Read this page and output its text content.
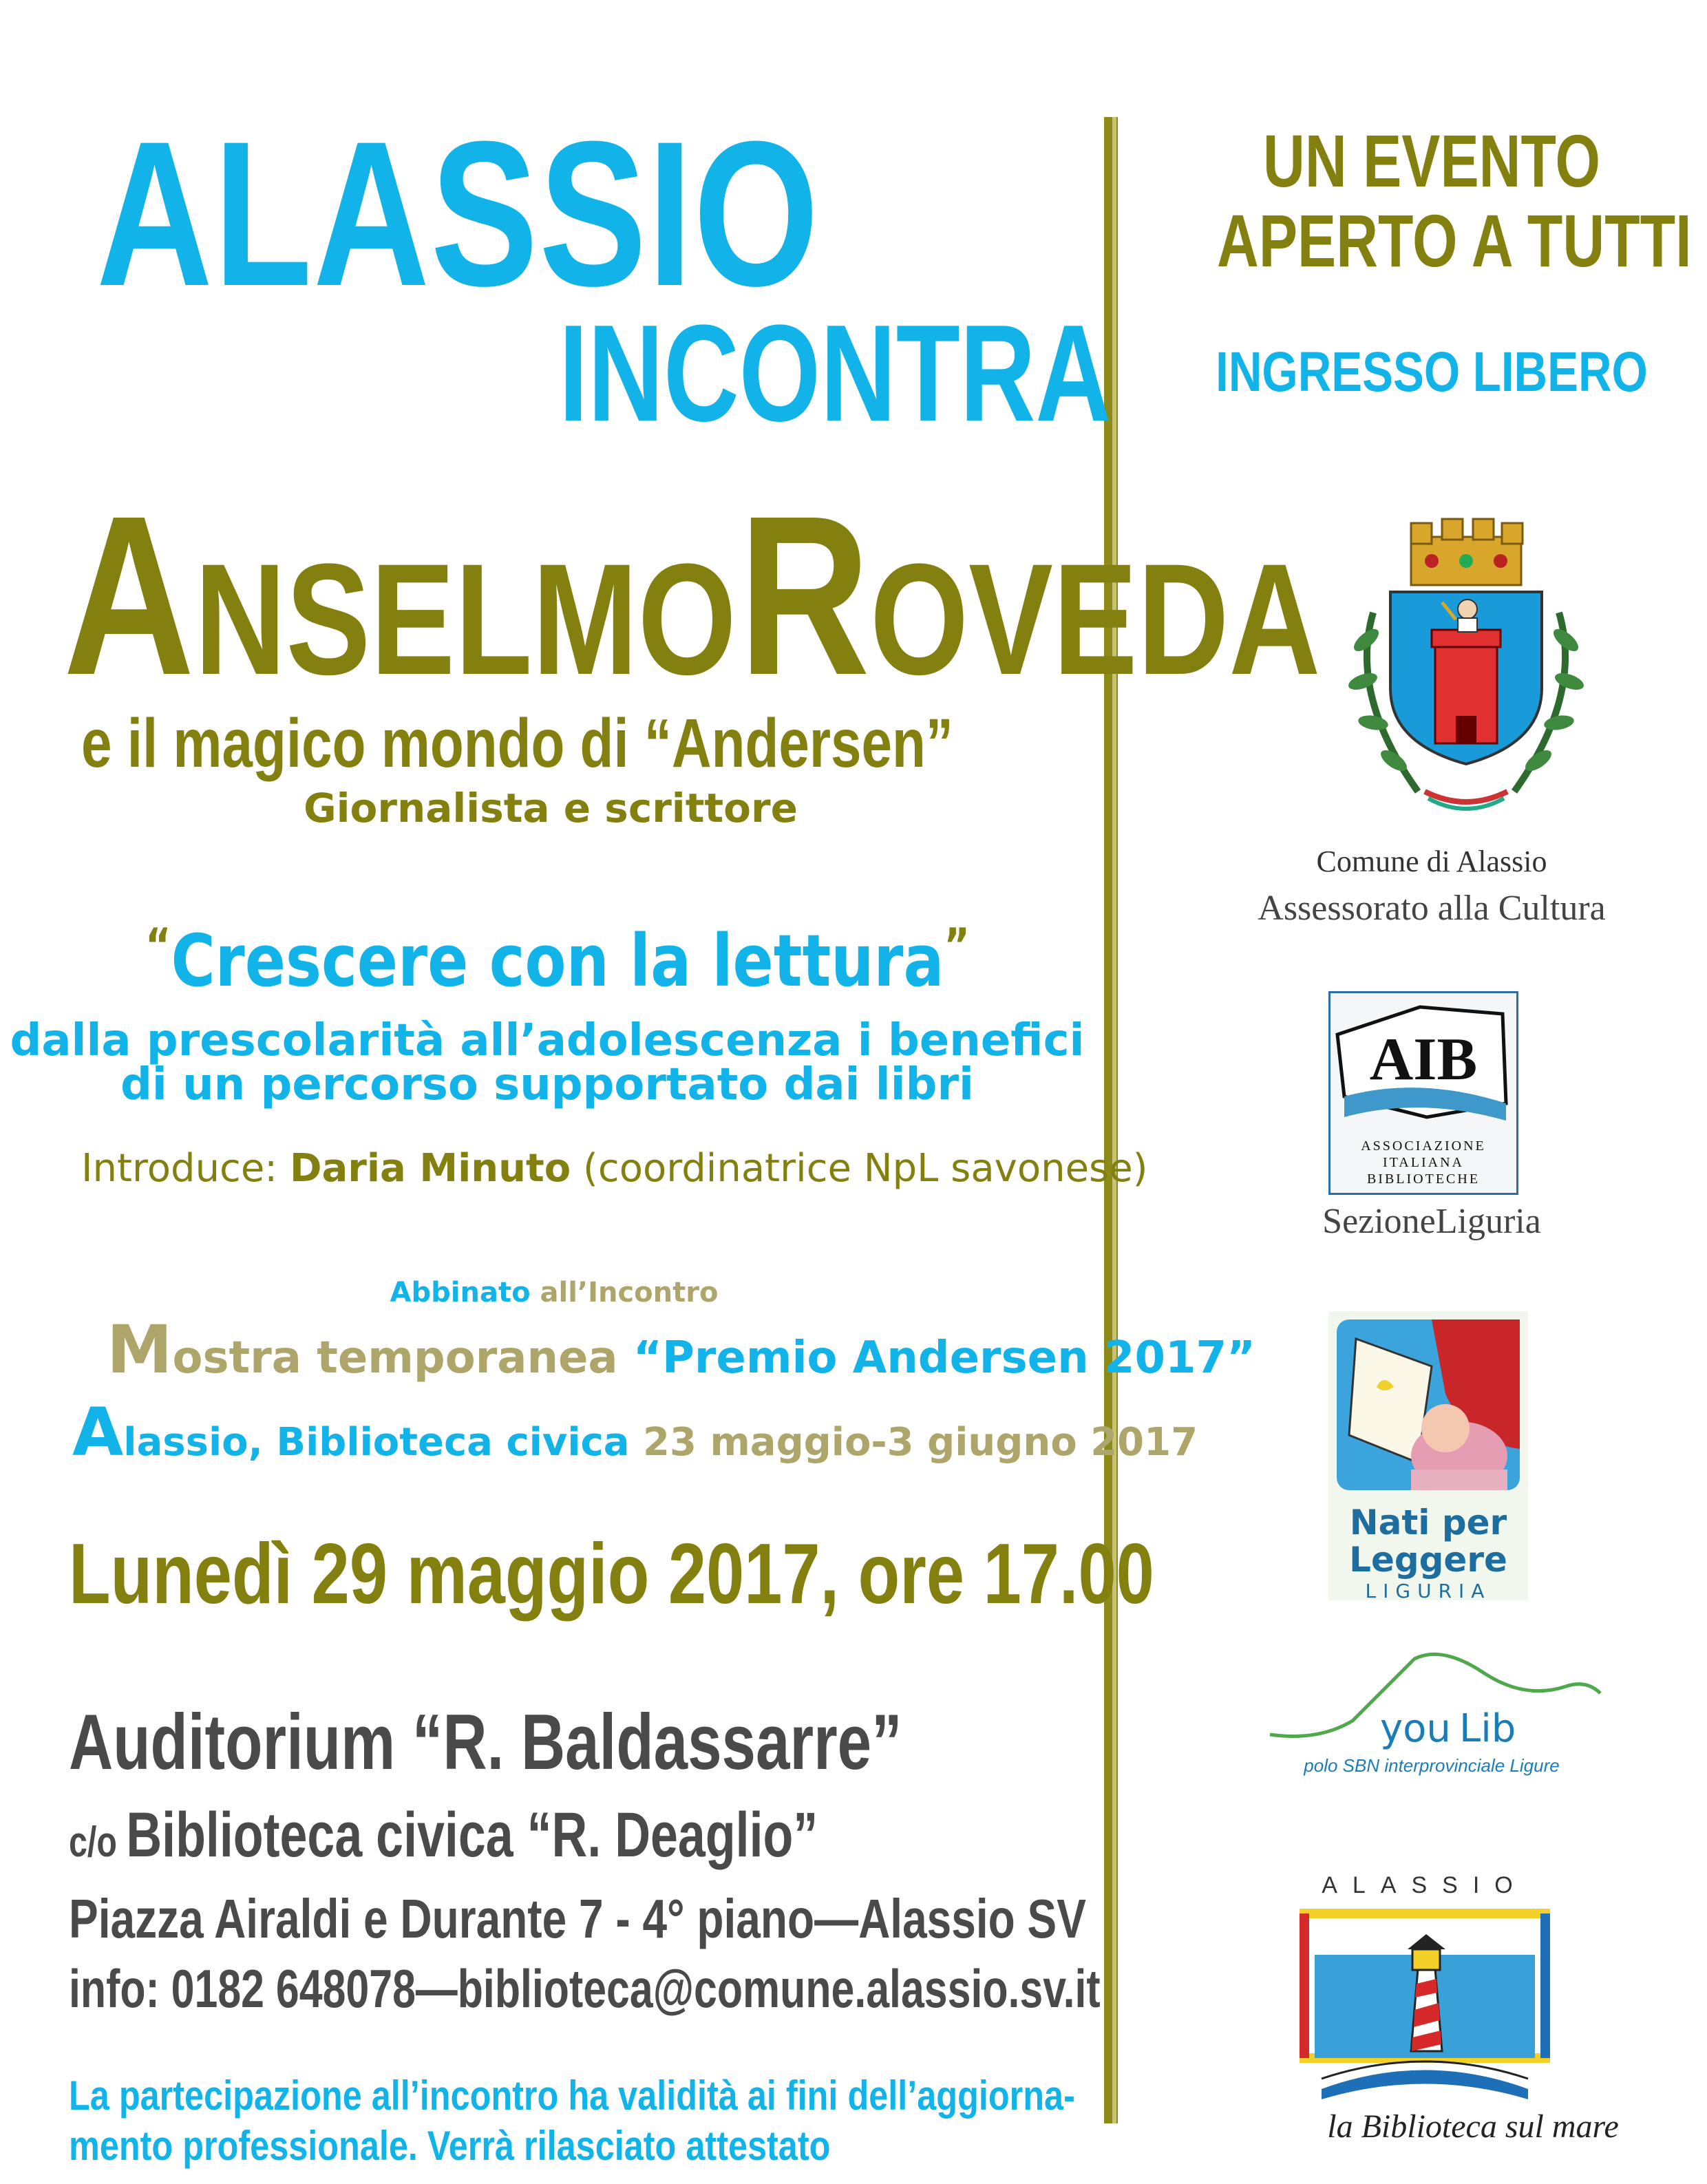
ALASSIO
INCONTRA
ANSELMO ROVEDA
e il magico mondo di “Andersen”
Giornalista e scrittore
“Crescere con la lettura”
dalla prescolarità all’adolescenza i benefici
di un percorso supportato dai libri
Introduce: Daria Minuto (coordinatrice NpL savonese)
Abbinato all’Incontro
Mostra temporanea “Premio Andersen 2017”
Alassio, Biblioteca civica 23 maggio-3 giugno 2017
Lunedì 29 maggio 2017, ore 17.00
Auditorium “R. Baldassarre”
c/o Biblioteca civica “R. Deaglio”
Piazza Airaldi e Durante 7 - 4° piano—Alassio SV
info: 0182 648078—biblioteca@comune.alassio.sv.it
La partecipazione all’incontro ha validità ai fini dell’aggiorna-
mento professionale. Verrà rilasciato attestato
UN EVENTO
APERTO A TUTTI
INGRESSO LIBERO
Comune di Alassio
Assessorato alla Cultura
AIB
ASSOCIAZIONE
ITALIANA
BIBLIOTECHE
SezioneLiguria
Nati per
Leggere
LIGURIA
you Lib
polo SBN interprovinciale Ligure
ALASSIO
la Biblioteca sul mare
